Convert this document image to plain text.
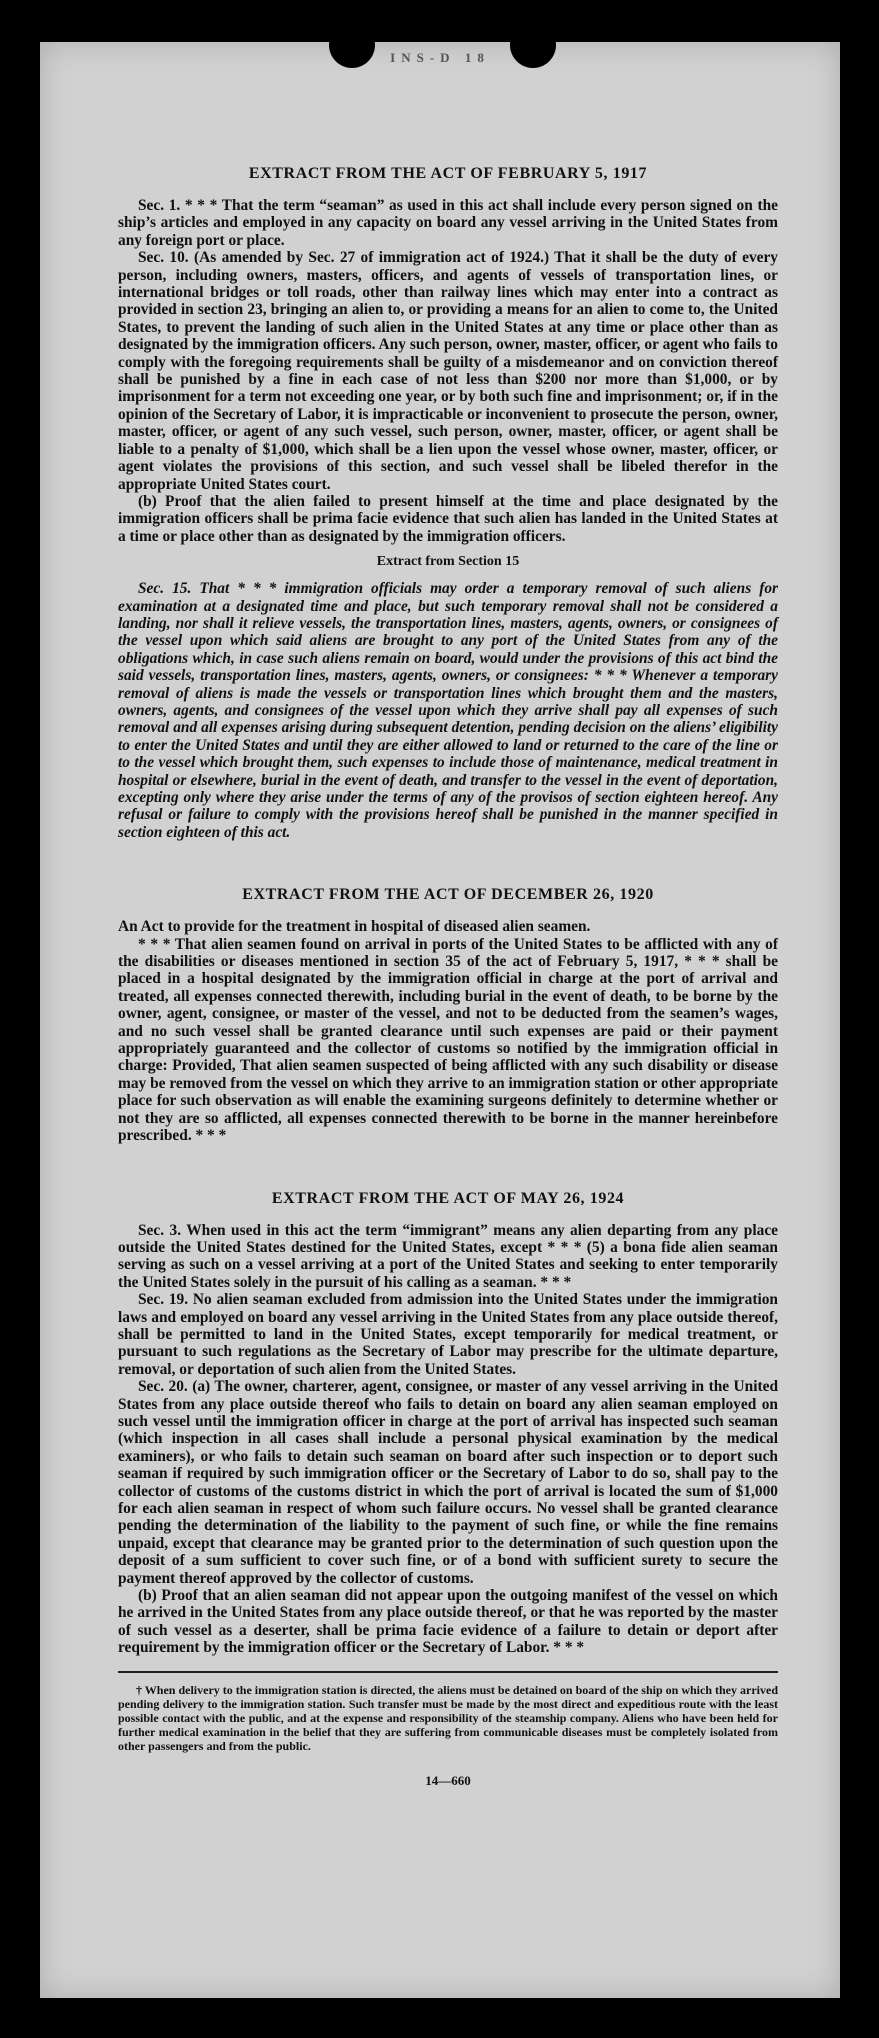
INS-D 18
EXTRACT FROM THE ACT OF FEBRUARY 5, 1917

Sec. 1. * * * That the term “seaman” as used in this act shall include every person signed on the ship’s articles and employed in any capacity on board any vessel arriving in the United States from any foreign port or place.

Sec. 10. (As amended by Sec. 27 of immigration act of 1924.) That it shall be the duty of every person, including owners, masters, officers, and agents of vessels of transportation lines, or international bridges or toll roads, other than railway lines which may enter into a contract as provided in section 23, bringing an alien to, or providing a means for an alien to come to, the United States, to prevent the landing of such alien in the United States at any time or place other than as designated by the immigration officers. Any such person, owner, master, officer, or agent who fails to comply with the foregoing requirements shall be guilty of a misdemeanor and on conviction thereof shall be punished by a fine in each case of not less than $200 nor more than $1,000, or by imprisonment for a term not exceeding one year, or by both such fine and imprisonment; or, if in the opinion of the Secretary of Labor, it is impracticable or inconvenient to prosecute the person, owner, master, officer, or agent of any such vessel, such person, owner, master, officer, or agent shall be liable to a penalty of $1,000, which shall be a lien upon the vessel whose owner, master, officer, or agent violates the provisions of this section, and such vessel shall be libeled therefor in the appropriate United States court.

(b) Proof that the alien failed to present himself at the time and place designated by the immigration officers shall be prima facie evidence that such alien has landed in the United States at a time or place other than as designated by the immigration officers.

Extract from Section 15

Sec. 15. That * * * immigration officials may order a temporary removal of such aliens for examination at a designated time and place, but such temporary removal shall not be considered a landing, nor shall it relieve vessels, the transportation lines, masters, agents, owners, or consignees of the vessel upon which said aliens are brought to any port of the United States from any of the obligations which, in case such aliens remain on board, would under the provisions of this act bind the said vessels, transportation lines, masters, agents, owners, or consignees: * * * Whenever a temporary removal of aliens is made the vessels or transportation lines which brought them and the masters, owners, agents, and consignees of the vessel upon which they arrive shall pay all expenses of such removal and all expenses arising during subsequent detention, pending decision on the aliens’ eligibility to enter the United States and until they are either allowed to land or returned to the care of the line or to the vessel which brought them, such expenses to include those of maintenance, medical treatment in hospital or elsewhere, burial in the event of death, and transfer to the vessel in the event of deportation, excepting only where they arise under the terms of any of the provisos of section eighteen hereof. Any refusal or failure to comply with the provisions hereof shall be punished in the manner specified in section eighteen of this act.

EXTRACT FROM THE ACT OF DECEMBER 26, 1920

An Act to provide for the treatment in hospital of diseased alien seamen.

* * * That alien seamen found on arrival in ports of the United States to be afflicted with any of the disabilities or diseases mentioned in section 35 of the act of February 5, 1917, * * * shall be placed in a hospital designated by the immigration official in charge at the port of arrival and treated, all expenses connected therewith, including burial in the event of death, to be borne by the owner, agent, consignee, or master of the vessel, and not to be deducted from the seamen’s wages, and no such vessel shall be granted clearance until such expenses are paid or their payment appropriately guaranteed and the collector of customs so notified by the immigration official in charge: Provided, That alien seamen suspected of being afflicted with any such disability or disease may be removed from the vessel on which they arrive to an immigration station or other appropriate place for such observation as will enable the examining surgeons definitely to determine whether or not they are so afflicted, all expenses connected therewith to be borne in the manner hereinbefore prescribed. * * *

EXTRACT FROM THE ACT OF MAY 26, 1924

Sec. 3. When used in this act the term “immigrant” means any alien departing from any place outside the United States destined for the United States, except * * * (5) a bona fide alien seaman serving as such on a vessel arriving at a port of the United States and seeking to enter temporarily the United States solely in the pursuit of his calling as a seaman. * * *

Sec. 19. No alien seaman excluded from admission into the United States under the immigration laws and employed on board any vessel arriving in the United States from any place outside thereof, shall be permitted to land in the United States, except temporarily for medical treatment, or pursuant to such regulations as the Secretary of Labor may prescribe for the ultimate departure, removal, or deportation of such alien from the United States.

Sec. 20. (a) The owner, charterer, agent, consignee, or master of any vessel arriving in the United States from any place outside thereof who fails to detain on board any alien seaman employed on such vessel until the immigration officer in charge at the port of arrival has inspected such seaman (which inspection in all cases shall include a personal physical examination by the medical examiners), or who fails to detain such seaman on board after such inspection or to deport such seaman if required by such immigration officer or the Secretary of Labor to do so, shall pay to the collector of customs of the customs district in which the port of arrival is located the sum of $1,000 for each alien seaman in respect of whom such failure occurs. No vessel shall be granted clearance pending the determination of the liability to the payment of such fine, or while the fine remains unpaid, except that clearance may be granted prior to the determination of such question upon the deposit of a sum sufficient to cover such fine, or of a bond with sufficient surety to secure the payment thereof approved by the collector of customs.

(b) Proof that an alien seaman did not appear upon the outgoing manifest of the vessel on which he arrived in the United States from any place outside thereof, or that he was reported by the master of such vessel as a deserter, shall be prima facie evidence of a failure to detain or deport after requirement by the immigration officer or the Secretary of Labor. * * *

† When delivery to the immigration station is directed, the aliens must be detained on board of the ship on which they arrived pending delivery to the immigration station. Such transfer must be made by the most direct and expeditious route with the least possible contact with the public, and at the expense and responsibility of the steamship company. Aliens who have been held for further medical examination in the belief that they are suffering from communicable diseases must be completely isolated from other passengers and from the public.

14—660
